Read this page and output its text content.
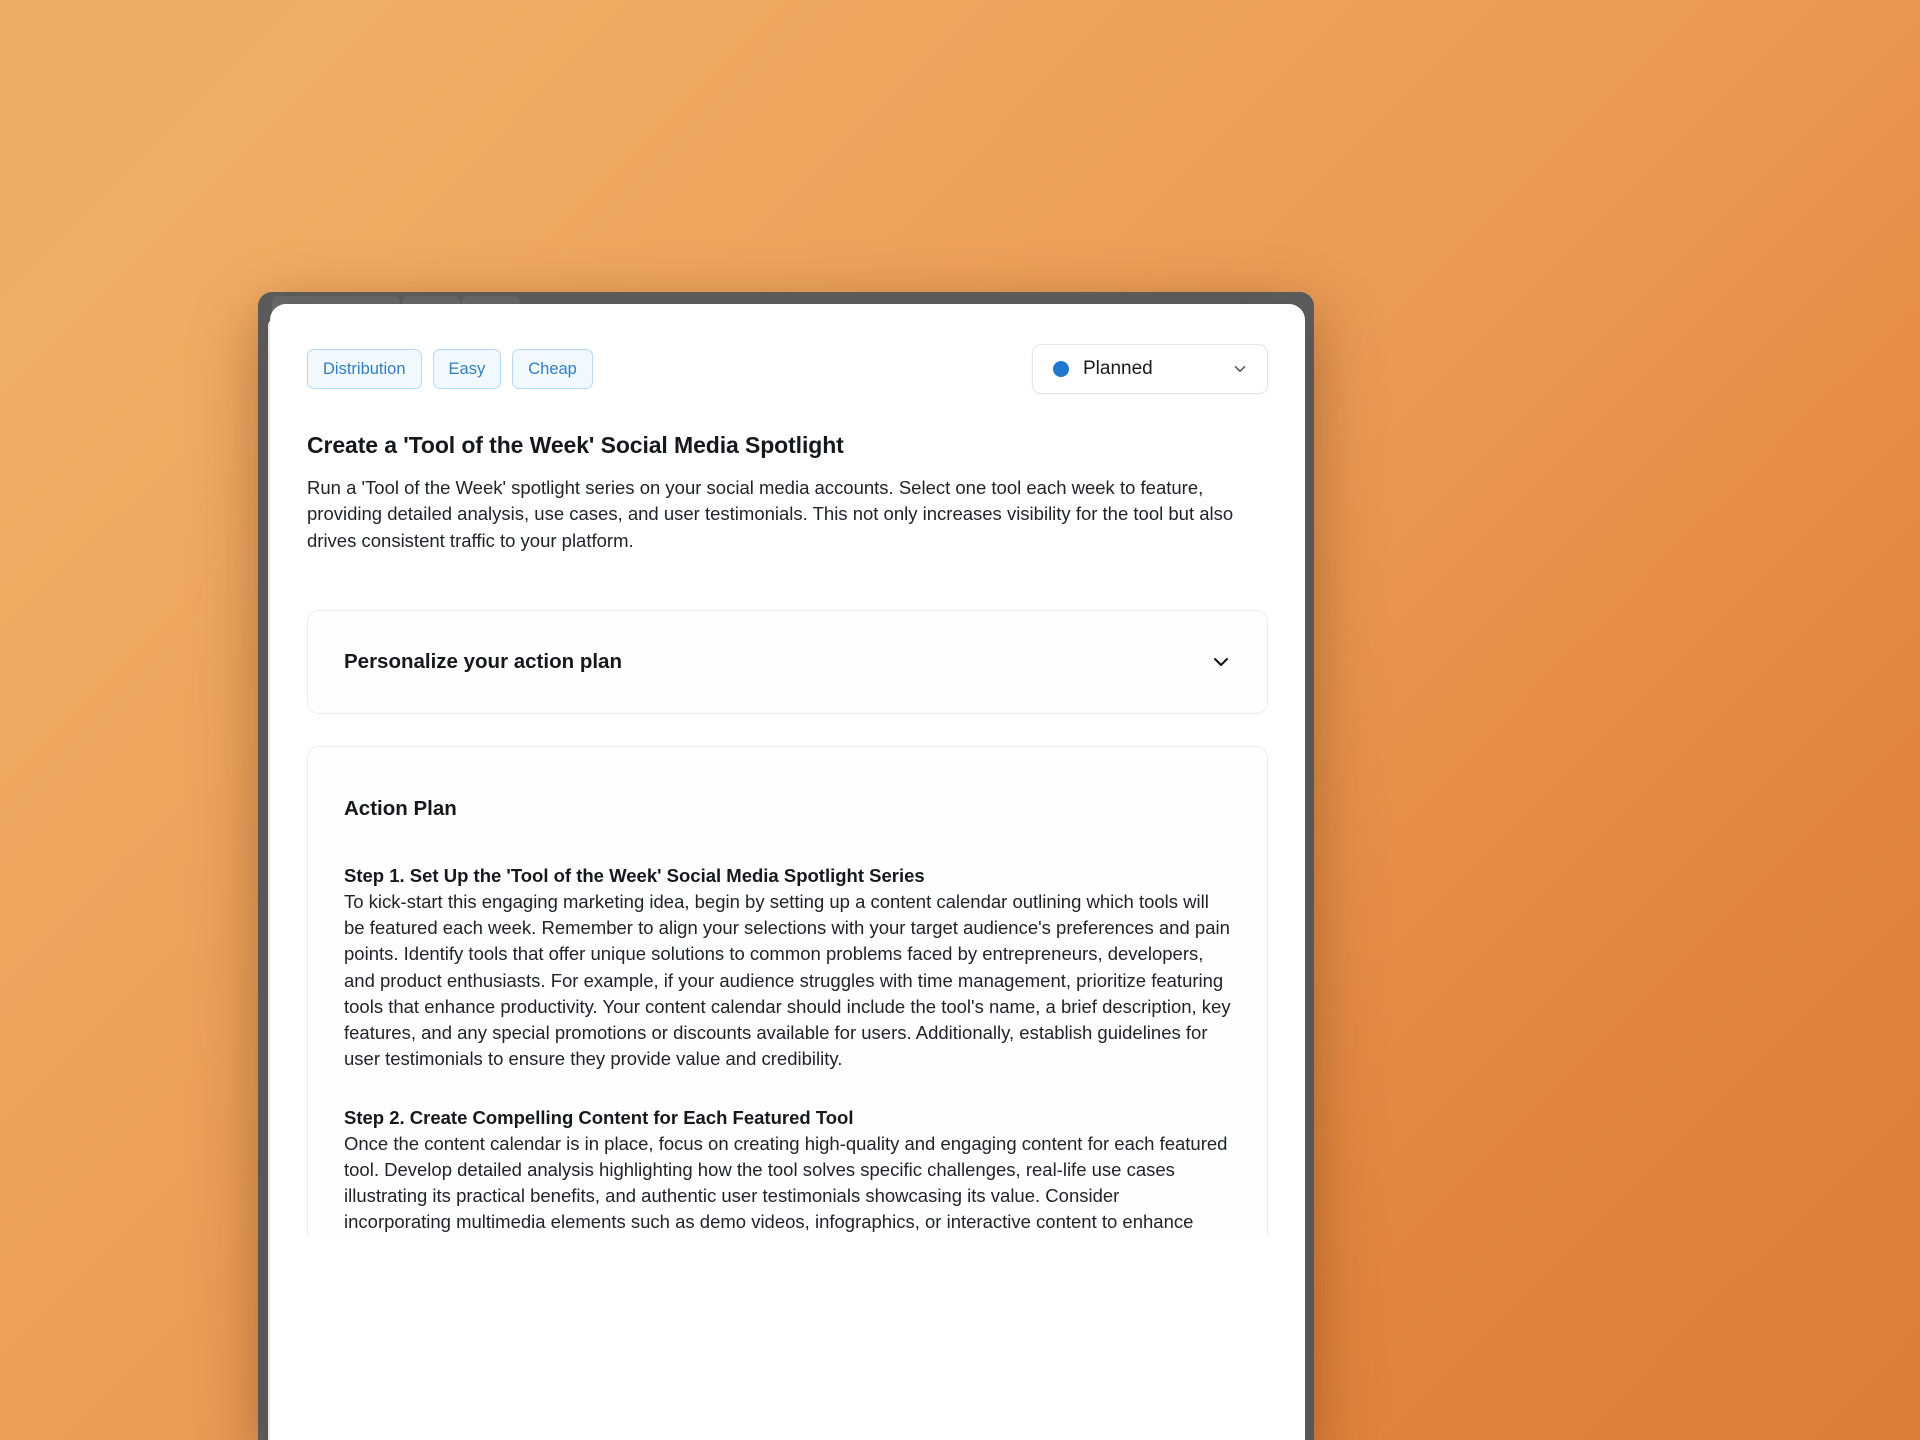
Distribution	Easy	Cheap	Planned
Create a 'Tool of the Week' Social Media Spotlight

Run a 'Tool of the Week' spotlight series on your social media accounts. Select one tool each week to feature, providing detailed analysis, use cases, and user testimonials. This not only increases visibility for the tool but also drives consistent traffic to your platform.

Personalize your action plan
Action Plan
Step 1. Set Up the 'Tool of the Week' Social Media Spotlight Series

To kick-start this engaging marketing idea, begin by setting up a content calendar outlining which tools will be featured each week. Remember to align your selections with your target audience's preferences and pain points. Identify tools that offer unique solutions to common problems faced by entrepreneurs, developers, and product enthusiasts. For example, if your audience struggles with time management, prioritize featuring tools that enhance productivity. Your content calendar should include the tool's name, a brief description, key features, and any special promotions or discounts available for users. Additionally, establish guidelines for user testimonials to ensure they provide value and credibility.

Step 2. Create Compelling Content for Each Featured Tool

Once the content calendar is in place, focus on creating high-quality and engaging content for each featured tool. Develop detailed analysis highlighting how the tool solves specific challenges, real-life use cases illustrating its practical benefits, and authentic user testimonials showcasing its value. Consider incorporating multimedia elements such as demo videos, infographics, or interactive content to enhance
